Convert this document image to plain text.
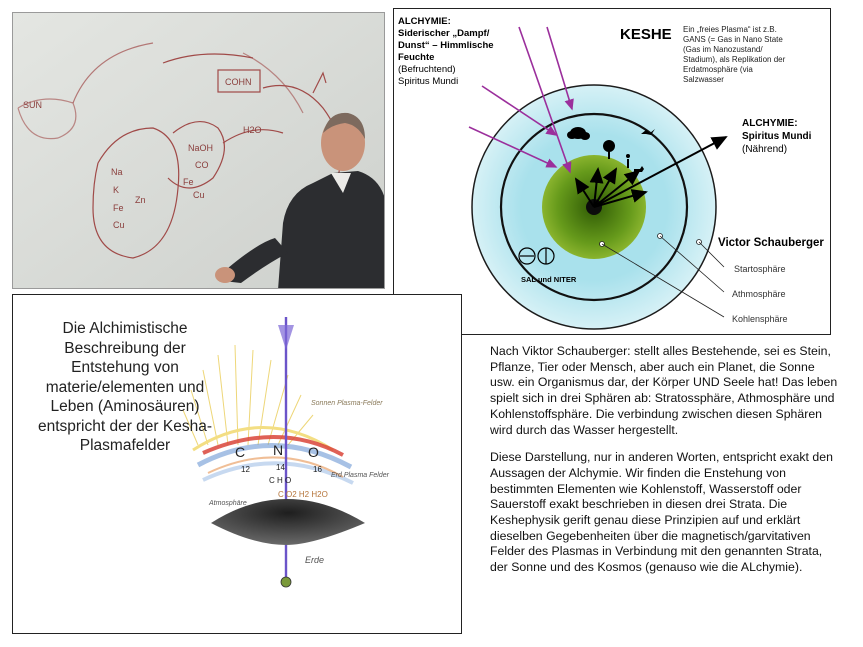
SUN
COHN
Na
K
Fe
Cu
Zn
NaOH
CO
H2O
Fe
Cu
SAL und NITER
Startosphäre
Athmosphäre
Kohlensphäre
Victor Schauberger
ALCHYMIE:
Siderischer „Dampf/
Dunst“ – Himmlische
Feuchte
(Befruchtend)
Spiritus Mundi
KESHE Ein „freies Plasma“ ist z.B.
GANS (= Gas in Nano State
(Gas im Nanozustand/
Stadium), als Replikation der
Erdatmosphäre (via
Salzwasser
ALCHYMIE:
Spiritus Mundi
(Nährend)
C N O
12	14	16
C H O
C O2 H2 H2O
Sonnen Plasma-Felder
Atmosphäre
Erd Plasma Felder
Erde
Die Alchimistische Beschreibung der Entstehung von materie/elementen und Leben (Aminosäuren) entspricht der der Kesha-Plasmafelder

Nach Viktor Schauberger: stellt alles Bestehende, sei es Stein, Pflanze, Tier oder Mensch, aber auch ein Planet, die Sonne usw. ein Organismus dar, der Körper UND Seele hat! Das leben spielt sich in drei Sphären ab: Stratossphäre, Athmosphäre und Kohlenstoffsphäre. Die verbindung zwischen diesen Sphären wird durch das Wasser hergestellt.

Diese Darstellung, nur in anderen Worten, entspricht exakt den Aussagen der Alchymie. Wir finden die Enstehung von bestimmten Elementen wie Kohlenstoff, Wasserstoff oder Sauerstoff exakt beschrieben in diesen drei Strata. Die Keshephysik gerift genau diese Prinzipien auf und erklärt dieselben Gegebenheiten über die magnetisch/garvitativen Felder des Plasmas in Verbindung mit den genannten Strata, der Sonne und des Kosmos (genauso wie die ALchymie).
